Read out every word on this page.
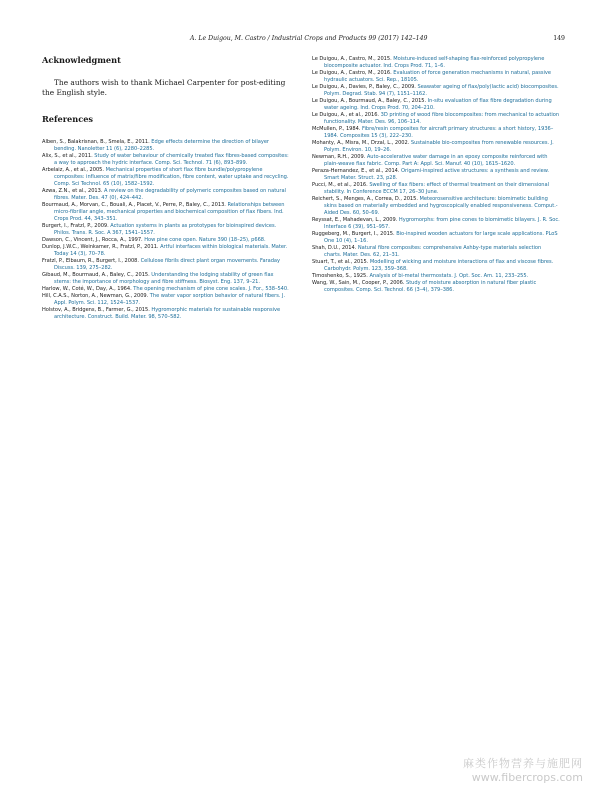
A. Le Duigou, M. Castro / Industrial Crops and Products 99 (2017) 142–149	149
Acknowledgment

The authors wish to thank Michael Carpenter for post-editing the English style.

References

Alben, S., Balakrisnan, B., Smela, E., 2011. Edge effects determine the direction of bilayer bending. Nanoletter 11 (6), 2280–2285.

Alix, S., et al., 2011. Study of water behaviour of chemically treated flax fibres-based composites: a way to approach the hydric interface. Comp. Sci. Technol. 71 (6), 893–899.

Arbelaiz, A., et al., 2005. Mechanical properties of short flax fibre bundle/polypropylene composites: influence of matrix/fibre modification, fibre content, water uptake and recycling. Comp. Sci Technol. 65 (10), 1582–1592.

Azwa, Z.N., et al., 2013. A review on the degradability of polymeric composites based on natural fibres. Mater. Des. 47 (0), 424–442.

Bourmaud, A., Morvan, C., Bouali, A., Placet, V., Perre, P., Baley, C., 2013. Relationships between micro-fibrillar angle, mechanical properties and biochemical composition of flax fibers. Ind. Crops Prod. 44, 343–351.

Burgert, I., Fratzl, P., 2009. Actuation systems in plants as prototypes for bioinspired devices. Philos. Trans. R. Soc. A 367, 1541–1557.

Dawson, C., Vincent, J., Rocca, A., 1997. How pine cone open. Nature 390 (18–25), p668.

Dunlop, J.W.C., Weinkamer, R., Fratzl, P., 2011. Artful interfaces within biological materials. Mater. Today 14 (3), 70–78.

Fratzl, P., Elbaum, R., Burgert, I., 2008. Cellulose fibrils direct plant organ movements. Faraday Discuss. 139, 275–282.

Gibaud, M., Bourmaud, A., Baley, C., 2015. Understanding the lodging stability of green flax stems: the importance of morphology and fibre stiffness. Biosyst. Eng. 137, 9–21.

Harlow, W., Coté, W., Day, A., 1964. The opening mechanism of pine cone scales. J. For., 538–540.

Hill, C.A.S., Norton, A., Newman, G., 2009. The water vapor sorption behavior of natural fibers. J. Appl. Polym. Sci. 112, 1524–1537.

Holstov, A., Bridgens, B., Farmer, G., 2015. Hygromorphic materials for sustainable responsive architecture. Construct. Build. Mater. 98, 570–582.

Le Duigou, A., Castro, M., 2015. Moisture-induced self-shaping flax-reinforced polypropylene biocomposite actuator. Ind. Crops Prod. 71, 1–6.

Le Duigou, A., Castro, M., 2016. Evaluation of force generation mechanisms in natural, passive hydraulic actuators. Sci. Rep., 18105.

Le Duigou, A., Davies, P., Baley, C., 2009. Seawater ageing of flax/poly(lactic acid) biocomposites. Polym. Degrad. Stab. 94 (7), 1151–1162.

Le Duigou, A., Bourmaud, A., Baley, C., 2015. In-situ evaluation of flax fibre degradation during water ageing. Ind. Crops Prod. 70, 204–210.

Le Duigou, A., et al., 2016. 3D printing of wood fibre biocomposites: from mechanical to actuation functionality. Mater. Des. 96, 106–114.

McMullen, P., 1984. Fibre/resin composites for aircraft primary structures: a short history, 1936–1984. Composites 15 (3), 222–230.

Mohanty, A., Misra, M., Drzal, L., 2002. Sustainable bio-composites from renewable resources. J. Polym. Environ. 10, 19–26.

Newman, R.H., 2009. Auto-accelerative water damage in an epoxy composite reinforced with plain-weave flax fabric. Comp. Part A: Appl. Sci. Manuf. 40 (10), 1615–1620.

Peraza-Hernandez, E., et al., 2014. Origami-inspired active structures: a synthesis and review. Smart Mater. Struct. 23, p28.

Pucci, M., et al., 2016. Swelling of flax fibers: effect of thermal treatment on their dimensional stability. In Conference ECCM 17, 26–30 June.

Reichert, S., Menges, A., Correa, D., 2015. Meteorosensitive architecture: biomimetic building skins based on materially embedded and hygroscopically enabled responsiveness. Comput.-Aided Des. 60, 50–69.

Reyssat, E., Mahadevan, L., 2009. Hygromorphs: from pine cones to biomimetic bilayers. J. R. Soc. Interface 6 (39), 951–957.

Ruggeberg, M., Burgert, I., 2015. Bio-inspired wooden actuators for large scale applications. PLoS One 10 (4), 1–16.

Shah, D.U., 2014. Natural fibre composites: comprehensive Ashby-type materials selection charts. Mater. Des. 62, 21–31.

Stuart, T., et al., 2015. Modelling of wicking and moisture interactions of flax and viscose fibres. Carbohydr. Polym. 123, 359–368.

Timoshenko, S., 1925. Analysis of bi-metal thermostats. J. Opt. Soc. Am. 11, 233–255.

Wang, W., Sain, M., Cooper, P., 2006. Study of moisture absorption in natural fiber plastic composites. Comp. Sci. Technol. 66 (3–4), 379–386.

麻类作物营养与施肥网
www.fibercrops.com
